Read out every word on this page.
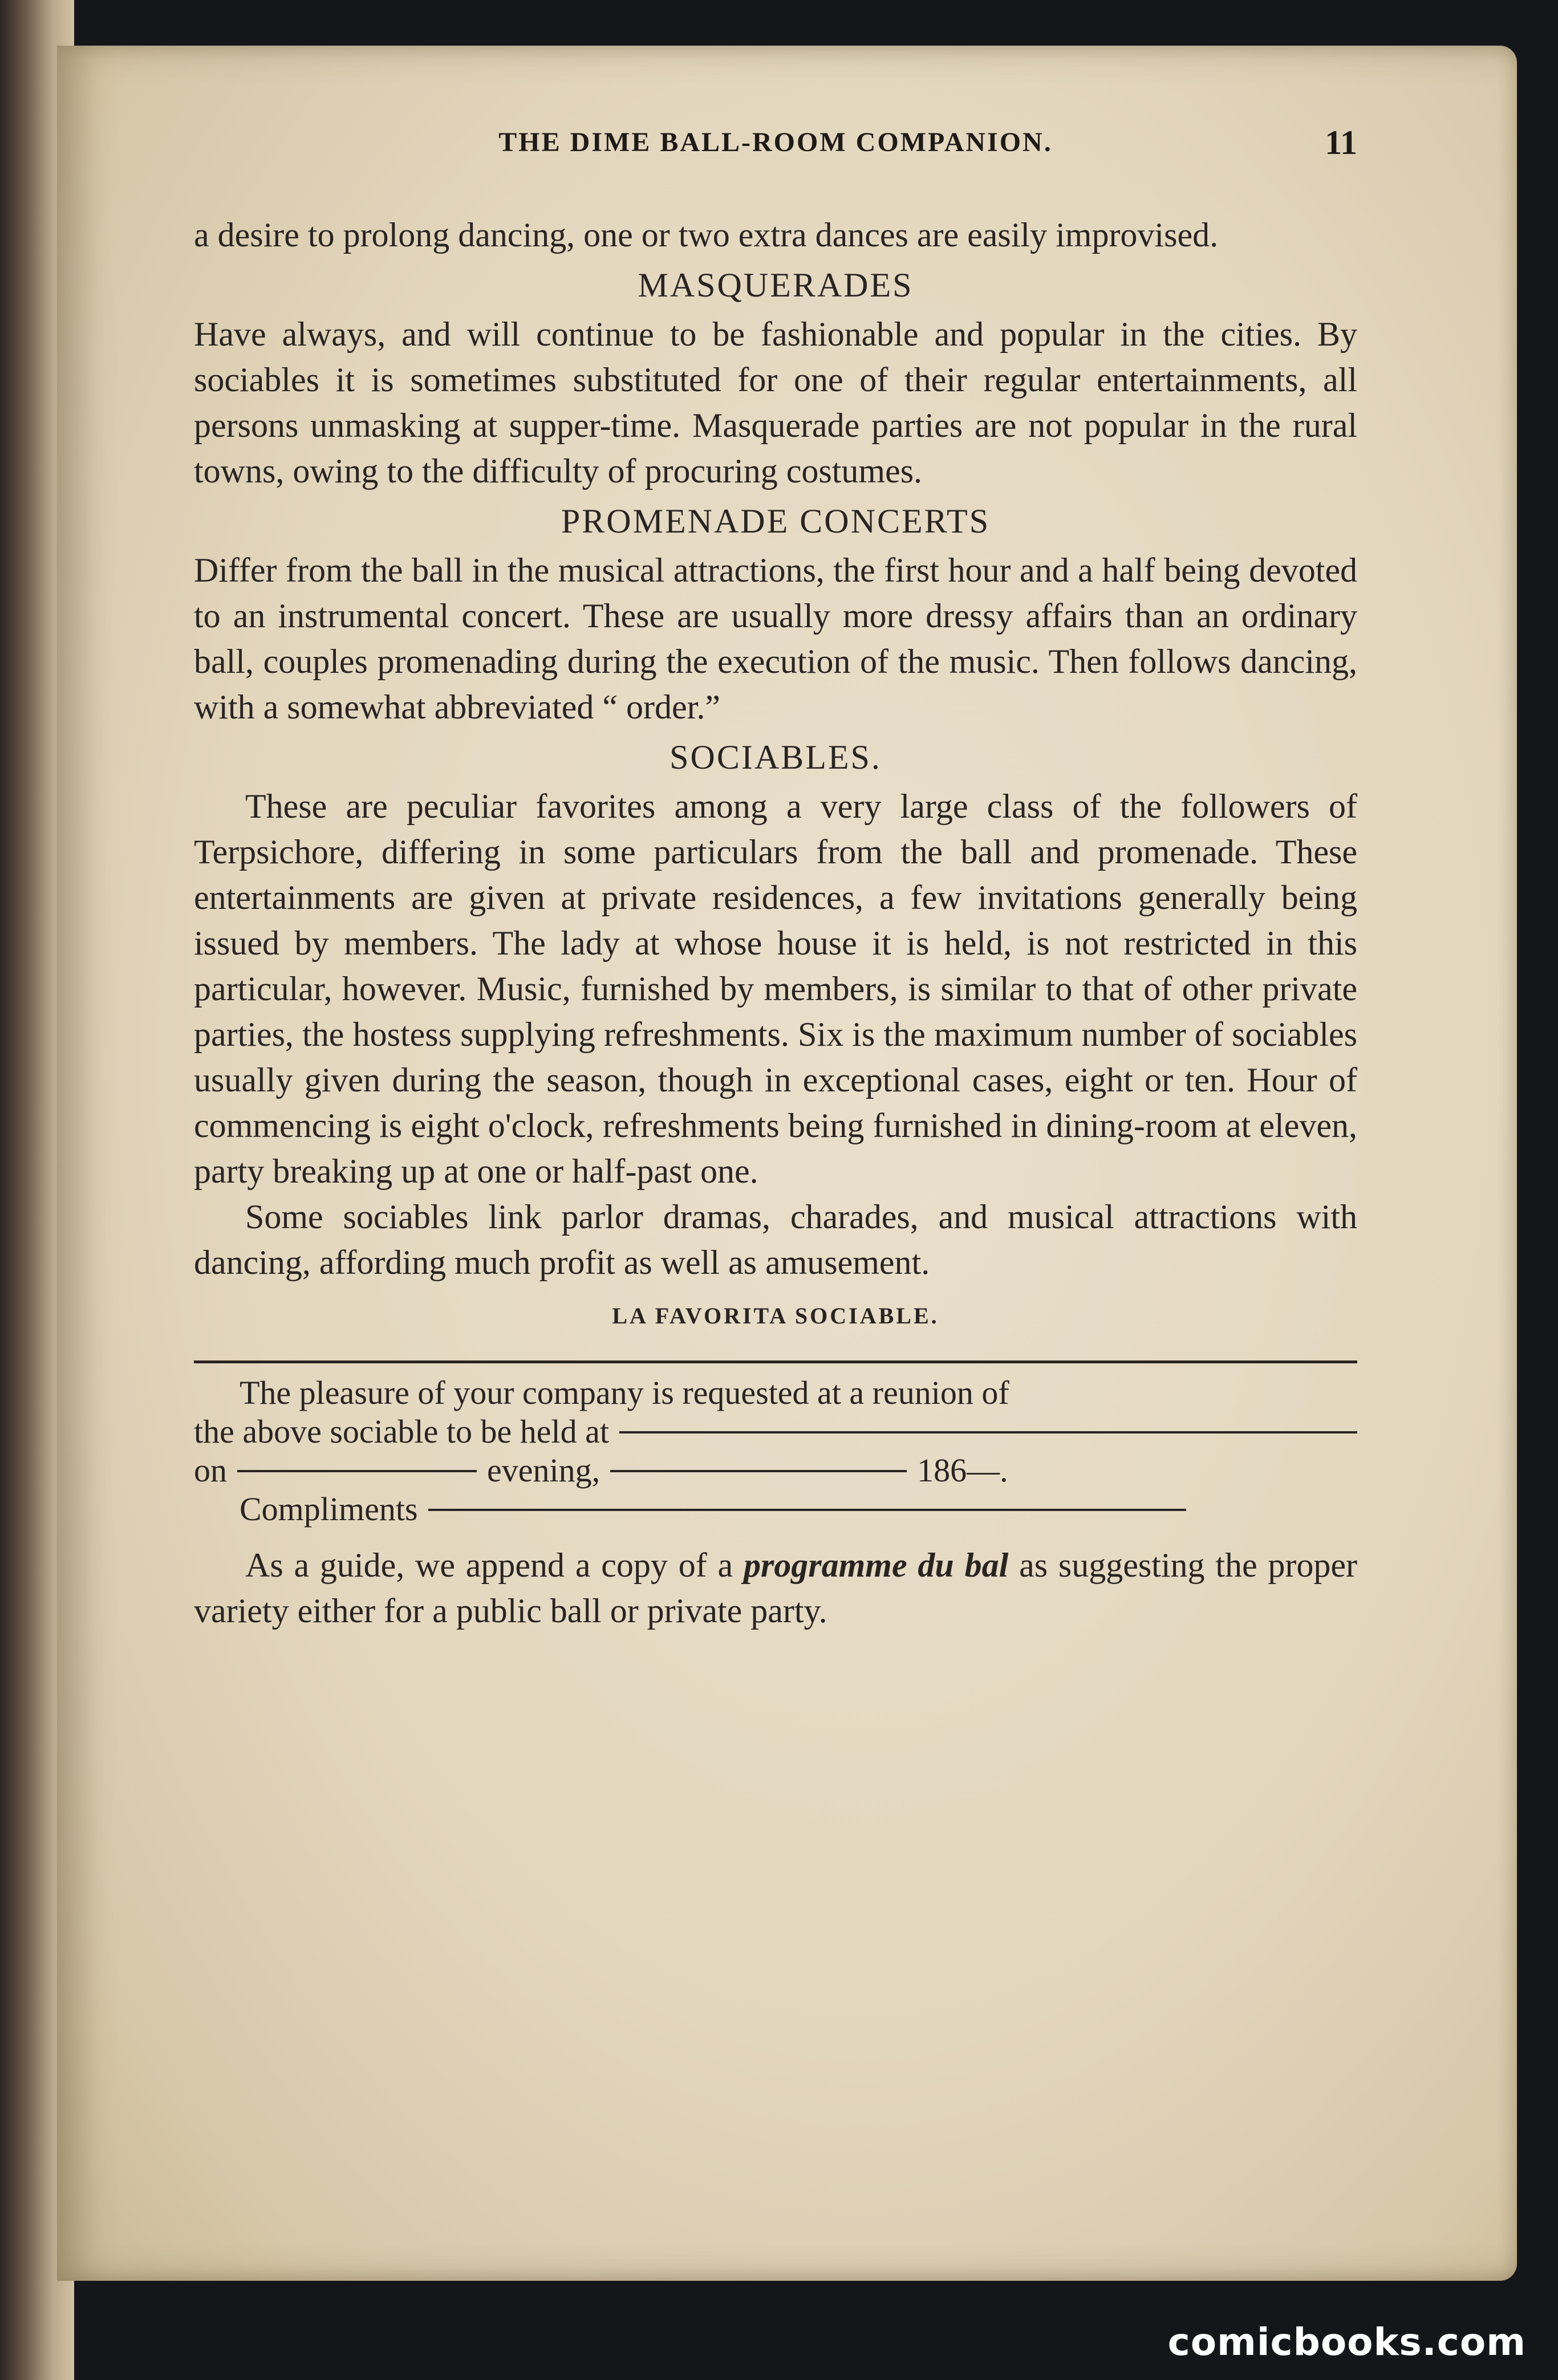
THE DIME BALL-ROOM COMPANION.	11

a desire to prolong dancing, one or two extra dances are easily improvised.

MASQUERADES

Have always, and will continue to be fashionable and popular in the cities. By sociables it is sometimes substituted for one of their regular entertainments, all persons unmasking at supper-time. Masquerade parties are not popular in the rural towns, owing to the difficulty of procuring costumes.

PROMENADE CONCERTS

Differ from the ball in the musical attractions, the first hour and a half being devoted to an instrumental concert. These are usually more dressy affairs than an ordinary ball, couples promenading during the execution of the music. Then follows dancing, with a somewhat abbreviated “ order.”

SOCIABLES.

These are peculiar favorites among a very large class of the followers of Terpsichore, differing in some particulars from the ball and promenade. These entertainments are given at private residences, a few invitations generally being issued by members. The lady at whose house it is held, is not restricted in this particular, however. Music, furnished by members, is similar to that of other private parties, the hostess supplying refreshments. Six is the maximum number of sociables usually given during the season, though in exceptional cases, eight or ten. Hour of commencing is eight o'clock, refreshments being furnished in dining-room at eleven, party breaking up at one or half-past one.

Some sociables link parlor dramas, charades, and musical attractions with dancing, affording much profit as well as amusement.

LA FAVORITA SOCIABLE.
The pleasure of your company is requested at a reunion of
the above sociable to be held at
on	evening,	186—.
Compliments

As a guide, we append a copy of a programme du bal as suggesting the proper variety either for a public ball or private party.

comicbooks.com
